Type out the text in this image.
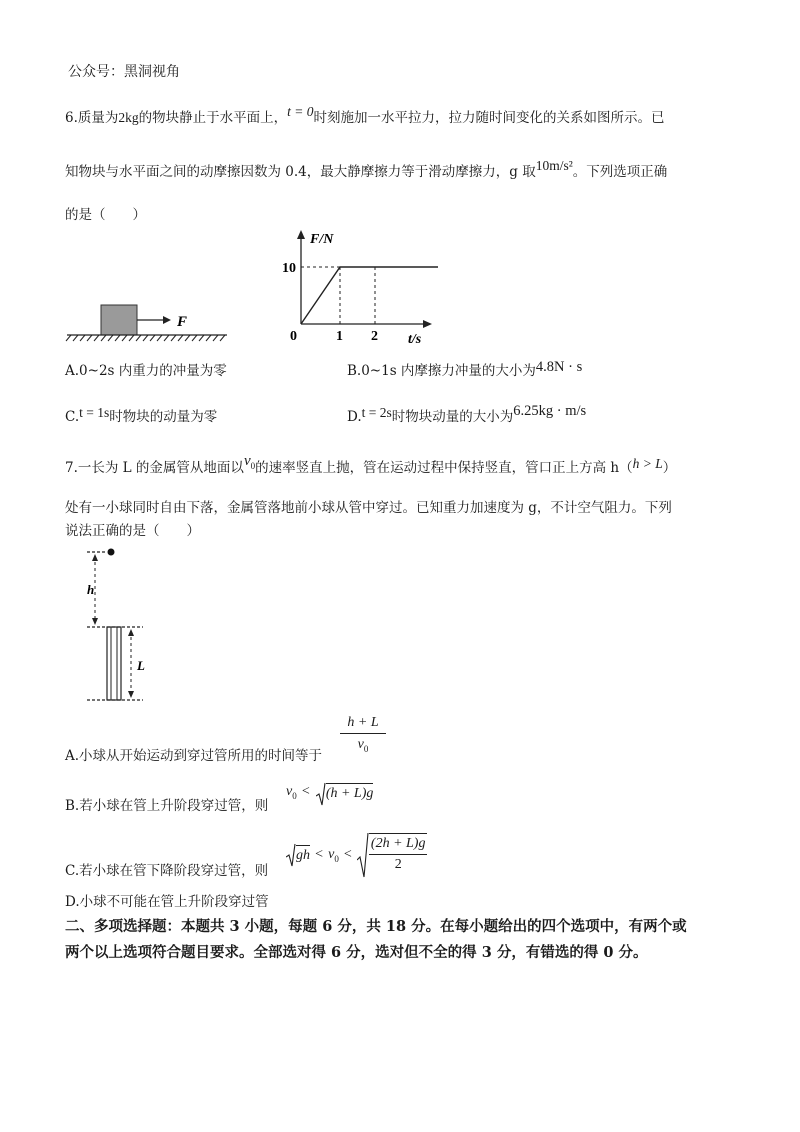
公众号：黑洞视角
6.质量为2kg的物块静止于水平面上，t = 0时刻施加一水平拉力，拉力随时间变化的关系如图所示。已
知物块与水平面之间的动摩擦因数为 0.4，最大静摩擦力等于滑动摩擦力，g 取10m/s²。下列选项正确
的是（　　）
F
F/N
t/s
0
10
1 2
A.0~2s 内重力的冲量为零	B.0~1s 内摩擦力冲量的大小为4.8N · s
C.t = 1s时物块的动量为零	D.t = 2s时物块动量的大小为6.25kg · m/s
7.一长为 L 的金属管从地面以$v_0$的速率竖直上抛，管在运动过程中保持竖直，管口正上方高 h（h > L）
处有一小球同时自由下落，金属管落地前小球从管中穿过。已知重力加速度为 g，不计空气阻力。下列
说法正确的是（　　）
h
L
A.小球从开始运动到穿过管所用的时间等于 $\frac{h + L}{v_0}$
B.若小球在管上升阶段穿过管，则
$v_0 < (h + L)g$
C.若小球在管下降阶段穿过管，则
gh < $v_0 < \frac{(2h + L)g}{2}$
D.小球不可能在管上升阶段穿过管
二、多项选择题：本题共 3 小题，每题 6 分，共 18 分。在每小题给出的四个选项中，有两个或
两个以上选项符合题目要求。全部选对得 6 分，选对但不全的得 3 分，有错选的得 0 分。
